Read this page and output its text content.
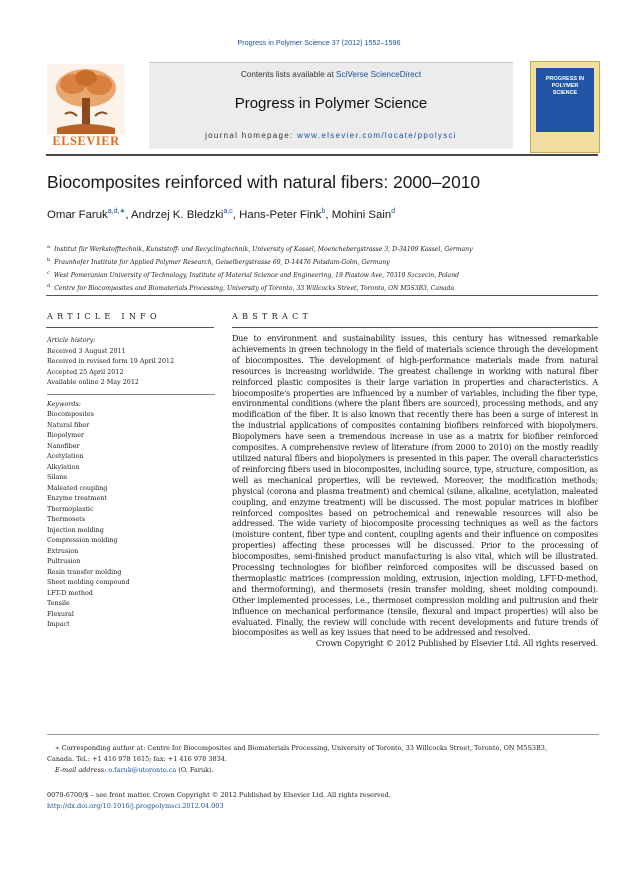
Progress in Polymer Science 37 (2012) 1552–1596
Contents lists available at SciVerse ScienceDirect
Progress in Polymer Science
journal homepage: www.elsevier.com/locate/ppolysci
ELSEVIER
PROGRESS IN POLYMER SCIENCE
Biocomposites reinforced with natural fibers: 2000–2010
Omar Faruk$^{a,d,∗}$, Andrzej K. Bledzki$^{a,c}$, Hans-Peter Fink$^b$, Mohini Sain$^d$
$^a$ Institut für Werkstofftechnik, Kunststoff- und Recyclingtechnik, University of Kassel, Moenchebergstrasse 3, D-34109 Kassel, Germany
$^b$ Fraunhofer Institute for Applied Polymer Research, Geiselbergstrasse 69, D-14476 Potsdam-Golm, Germany
$^c$ West Pomeranian University of Technology, Institute of Material Science and Engineering, 19 Piastow Ave, 70310 Szczecin, Poland
$^d$ Centre for Biocomposites and Biomaterials Processing, University of Toronto, 33 Willcocks Street, Toronto, ON M5S3B3, Canada
ARTICLE INFO	ABSTRACT
Article history:
Received 3 August 2011
Received in revised form 19 April 2012
Accepted 25 April 2012
Available online 2 May 2012
Keywords:
Biocomposites
Natural fiber
Biopolymer
Nanofiber
Acetylation
Alkylation
Silane
Maleated coupling
Enzyme treatment
Thermoplastic
Thermosets
Injection molding
Compression molding
Extrusion
Pultrusion
Resin transfer molding
Sheet molding compound
LFT-D method
Tensile
Flexural
Impact
Due to environment and sustainability issues, this century has witnessed remarkable achievements in green technology in the field of materials science through the development of biocomposites. The development of high-performance materials made from natural resources is increasing worldwide. The greatest challenge in working with natural fiber reinforced plastic composites is their large variation in properties and characteristics. A biocomposite's properties are influenced by a number of variables, including the fiber type, environmental conditions (where the plant fibers are sourced), processing methods, and any modification of the fiber. It is also known that recently there has been a surge of interest in the industrial applications of composites containing biofibers reinforced with biopolymers. Biopolymers have seen a tremendous increase in use as a matrix for biofiber reinforced composites. A comprehensive review of literature (from 2000 to 2010) on the mostly readily utilized natural fibers and biopolymers is presented in this paper. The overall characteristics of reinforcing fibers used in biocomposites, including source, type, structure, composition, as well as mechanical properties, will be reviewed. Moreover, the modification methods; physical (corona and plasma treatment) and chemical (silane, alkaline, acetylation, maleated coupling, and enzyme treatment) will be discussed. The most popular matrices in biofiber reinforced composites based on petrochemical and renewable resources will also be addressed. The wide variety of biocomposite processing techniques as well as the factors (moisture content, fiber type and content, coupling agents and their influence on composites properties) affecting these processes will be discussed. Prior to the processing of biocomposites, semi-finished product manufacturing is also vital, which will be illustrated. Processing technologies for biofiber reinforced composites will be discussed based on thermoplastic matrices (compression molding, extrusion, injection molding, LFT-D-method, and thermoforming), and thermosets (resin transfer molding, sheet molding compound). Other implemented processes, i.e., thermoset compression molding and pultrusion and their influence on mechanical performance (tensile, flexural and impact properties) will also be evaluated. Finally, the review will conclude with recent developments and future trends of biocomposites as well as key issues that need to be addressed and resolved.
Crown Copyright © 2012 Published by Elsevier Ltd. All rights reserved.
∗ Corresponding author at: Centre for Biocomposites and Biomaterials Processing, University of Toronto, 33 Willcocks Street, Toronto, ON M5S3B3,
Canada. Tel.: +1 416 978 1615; fax: +1 416 978 3834.
E-mail address: o.faruk@utoronto.ca (O. Faruk).
0079-6700/$ – see front matter. Crown Copyright © 2012 Published by Elsevier Ltd. All rights reserved.
http://dx.doi.org/10.1016/j.progpolymsci.2012.04.003
